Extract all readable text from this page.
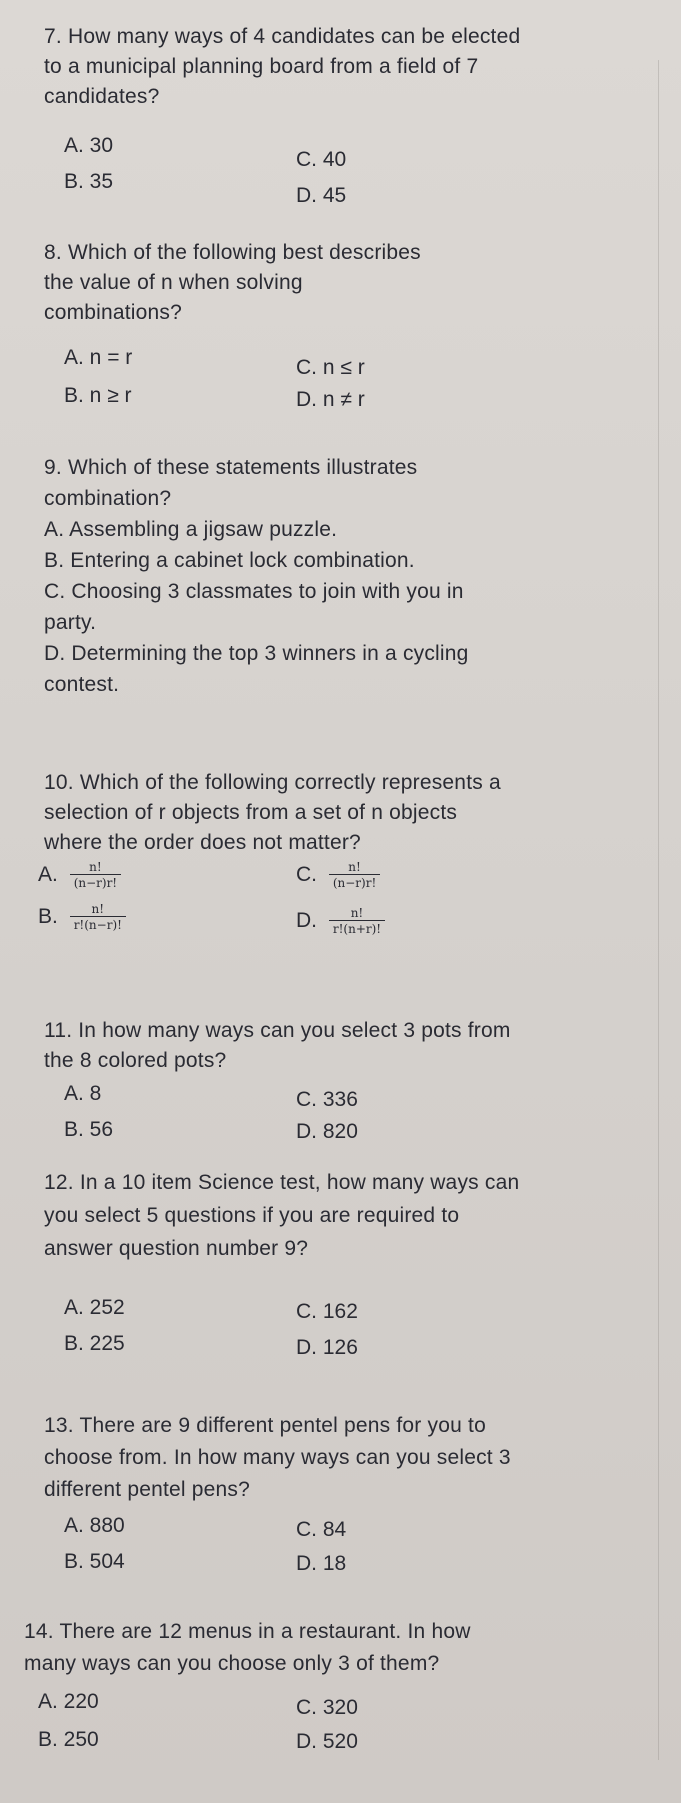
7. How many ways of 4 candidates can be elected
to a municipal planning board from a field of 7
candidates?
A. 30
C. 40
B. 35
D. 45
8. Which of the following best describes
the value of n when solving
combinations?
A. n = r	C. n ≤ r
B. n ≥ r	D. n ≠ r
9. Which of these statements illustrates
combination?
A. Assembling a jigsaw puzzle.
B. Entering a cabinet lock combination.
C. Choosing 3 classmates to join with you in
party.
D. Determining the top 3 winners in a cycling
contest.
10. Which of the following correctly represents a
selection of r objects from a set of n objects
where the order does not matter?
A. $\frac{n!}{(n-r)r!}$	C. $\frac{n!}{(n-r)r!}$
B. $\frac{n!}{r!(n-r)!}$	D. $\frac{n!}{r!(n+r)!}$
11. In how many ways can you select 3 pots from
the 8 colored pots?
A. 8	C. 336
B. 56	D. 820
12. In a 10 item Science test, how many ways can
you select 5 questions if you are required to
answer question number 9?
A. 252	C. 162
B. 225	D. 126
13. There are 9 different pentel pens for you to
choose from. In how many ways can you select 3
different pentel pens?
A. 880	C. 84
B. 504	D. 18
14. There are 12 menus in a restaurant. In how
many ways can you choose only 3 of them?
A. 220	C. 320
B. 250	D. 520
